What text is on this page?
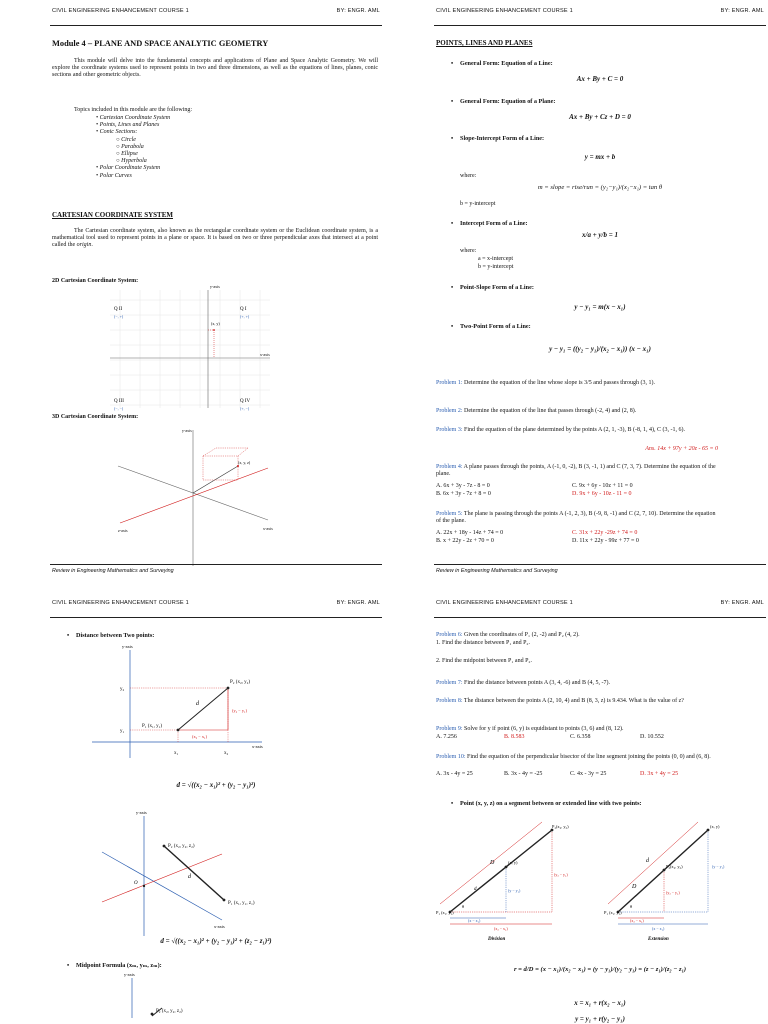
CIVIL ENGINEERING ENHANCEMENT COURSE 1	BY: ENGR. AML
Module 4 – PLANE AND SPACE ANALYTIC GEOMETRY
This module will delve into the fundamental concepts and applications of Plane and Space Analytic Geometry. We will explore the coordinate systems used to represent points in two and three dimensions, as well as the equations of lines, planes, conic sections and other geometric objects.
Topics included in this module are the following:
• Cartesian Coordinate System
• Points, Lines and Planes
• Conic Sections:
○ Circle
○ Parabola
○ Ellipse
○ Hyperbola
• Polar Coordinate System
• Polar Curves
CARTESIAN COORDINATE SYSTEM
The Cartesian coordinate system, also known as the rectangular coordinate system or the Euclidean coordinate system, is a mathematical tool used to represent points in a plane or space. It is based on two or three perpendicular axes that intersect at a point called the origin.
2D Cartesian Coordinate System:
y-axis
x-axis
(x, y)
Q II
(−, +)
Q I
(+, +)
Q III
(−, −)
Q IV
(+, −)
3D Cartesian Coordinate System:
y-axis
(x, y, z)
x-axis
z-axis
Review in Engineering Mathematics and Surveying
CIVIL ENGINEERING ENHANCEMENT COURSE 1	BY: ENGR. AML
POINTS, LINES AND PLANES
• General Form: Equation of a Line:
Ax + By + C = 0
• General Form: Equation of a Plane:
Ax + By + Cz + D = 0
• Slope-Intercept Form of a Line:
y = mx + b
where:
m = slope = rise/run = (y₂−y₁)/(x₂−x₁) = tan θ
b = y-intercept
• Intercept Form of a Line:
x/a + y/b = 1
where:
a = x-intercept
b = y-intercept
• Point-Slope Form of a Line:
y − y₁ = m(x − x₁)
• Two-Point Form of a Line:
y − y₁ = ((y₂ − y₁)/(x₂ − x₁)) (x − x₁)
Problem 1: Determine the equation of the line whose slope is 3/5 and passes through (3, 1).
Problem 2: Determine the equation of the line that passes through (-2, 4) and (2, 8).
Problem 3: Find the equation of the plane determined by the points A (2, 1, -3), B (-8, 1, 4), C (3, -1, 6).
Ans. 14x + 97y + 20z - 65 = 0
Problem 4: A plane passes through the points, A (-1, 0, -2), B (3, -1, 1) and C (7, 3, 7). Determine the equation of the plane.
A. 6x + 3y - 7z - 8 = 0	C. 9x + 6y - 10z + 11 = 0
B. 6x + 3y - 7z + 8 = 0	D. 9x + 6y - 10z - 11 = 0
Problem 5: The plane is passing through the points A (-1, 2, 3), B (-9, 8, -1) and C (2, 7, 10). Determine the equation of the plane.
A. 22x + 18y - 14z + 74 = 0	C. 31x + 22y -29z + 74 = 0
B. x + 22y - 2z + 70 = 0	D. 11x + 22y - 99z + 77 = 0
Review in Engineering Mathematics and Surveying
CIVIL ENGINEERING ENHANCEMENT COURSE 1	BY: ENGR. AML
• Distance between Two points:
y-axis
x-axis
P₂ (x₂, y₂)
P₁ (x₁, y₁)
d
(y₂ − y₁)
(x₂ − x₁)
y₂
y₁
x₁	x₂
d = √((x₂ − x₁)² + (y₂ − y₁)²)
y-axis
P₂ (x₂, y₂, z₂)
P₁ (x₁, y₁, z₁)
d
O
x-axis
d = √((x₂ − x₁)² + (y₂ − y₁)² + (z₂ − z₁)²)
• Midpoint Formula (xₘ, yₘ, zₘ):
y-axis
P₂ (x₂, y₂, z₂)
CIVIL ENGINEERING ENHANCEMENT COURSE 1	BY: ENGR. AML
Problem 6: Given the coordinates of P₁ (2, -2) and P₂ (4, 2).
1. Find the distance between P₁ and P₂.
2. Find the midpoint between P₁ and P₂.
Problem 7: Find the distance between points A (3, 4, -6) and B (4, 5, -7).
Problem 8: The distance between the points A (2, 10, 4) and B (8, 3, z) is 9.434. What is the value of z?
Problem 9: Solve for y if point (6, y) is equidistant to points (3, 6) and (8, 12).
A. 7.256	B. 8.583	C. 6.358	D. 10.552
Problem 10: Find the equation of the perpendicular bisector of the line segment joining the points (0, 0) and (6, 8).
A. 3x - 4y = 25	B. 3x - 4y = -25	C. 4x - 3y = 25	D. 3x + 4y = 25
• Point (x, y, z) on a segment between or extended line with two points:
P₁ (x₁, y₁)
P₂(x₂, y₂)
(x, y)
D
d
θ
(y₂ − y₁)
(y − y₁)
(x − x₁)
(x₂ − x₁)
Division
P₁ (x₁, y₁)
(x, y)
P₂(x₂, y₂)
d
D
θ
(y − y₁)
(y₂ − y₁)
(x₂ − x₁)
(x − x₁)
Extension
r = d/D = (x − x₁)/(x₂ − x₁) = (y − y₁)/(y₂ − y₁) = (z − z₁)/(z₂ − z₁)
x = x₁ + r(x₂ − x₁)
y = y₁ + r(y₂ − y₁)
